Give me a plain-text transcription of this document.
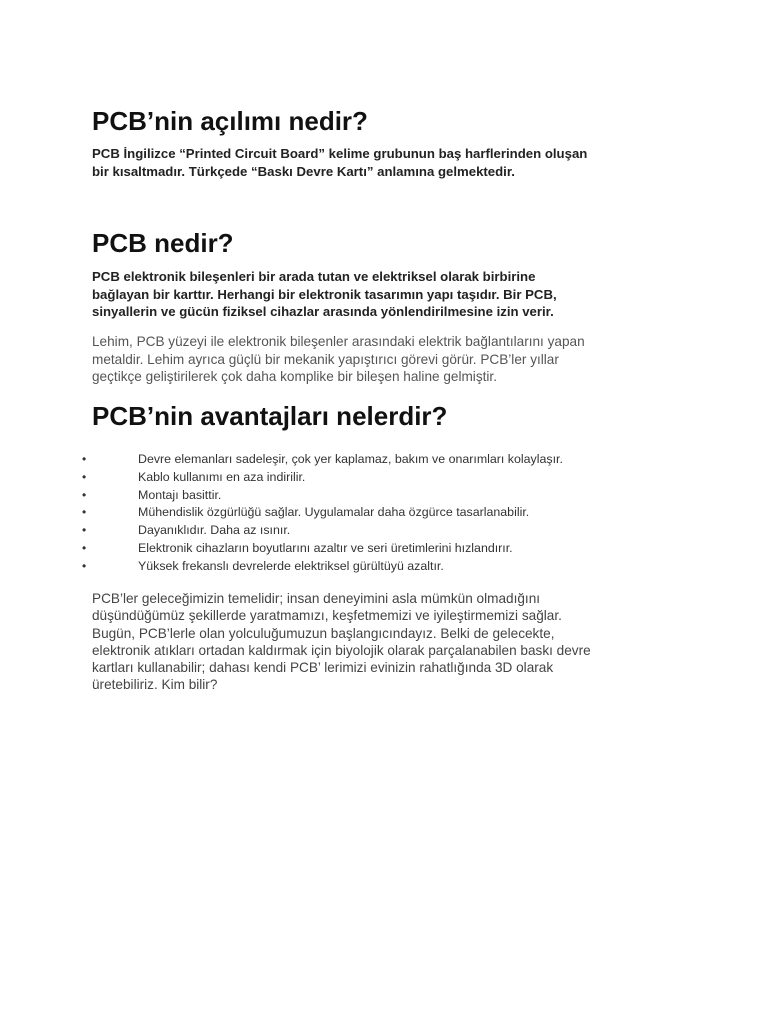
PCB’nin açılımı nedir?

PCB İngilizce “Printed Circuit Board” kelime grubunun baş harflerinden oluşan
bir kısaltmadır. Türkçede “Baskı Devre Kartı” anlamına gelmektedir.

PCB nedir?

PCB elektronik bileşenleri bir arada tutan ve elektriksel olarak birbirine
bağlayan bir karttır. Herhangi bir elektronik tasarımın yapı taşıdır. Bir PCB,
sinyallerin ve gücün fiziksel cihazlar arasında yönlendirilmesine izin verir.

Lehim, PCB yüzeyi ile elektronik bileşenler arasındaki elektrik bağlantılarını yapan
metaldir. Lehim ayrıca güçlü bir mekanik yapıştırıcı görevi görür. PCB’ler yıllar
geçtikçe geliştirilerek çok daha komplike bir bileşen haline gelmiştir.

PCB’nin avantajları nelerdir?
•	Devre elemanları sadeleşir, çok yer kaplamaz, bakım ve onarımları kolaylaşır.
•	Kablo kullanımı en aza indirilir.
•	Montajı basittir.
•	Mühendislik özgürlüğü sağlar. Uygulamalar daha özgürce tasarlanabilir.
•	Dayanıklıdır. Daha az ısınır.
•	Elektronik cihazların boyutlarını azaltır ve seri üretimlerini hızlandırır.
•	Yüksek frekanslı devrelerde elektriksel gürültüyü azaltır.

PCB’ler geleceğimizin temelidir; insan deneyimini asla mümkün olmadığını
düşündüğümüz şekillerde yaratmamızı, keşfetmemizi ve iyileştirmemizi sağlar.
Bugün, PCB’lerle olan yolculuğumuzun başlangıcındayız. Belki de gelecekte,
elektronik atıkları ortadan kaldırmak için biyolojik olarak parçalanabilen baskı devre
kartları kullanabilir; dahası kendi PCB’ lerimizi evinizin rahatlığında 3D olarak
üretebiliriz. Kim bilir?
